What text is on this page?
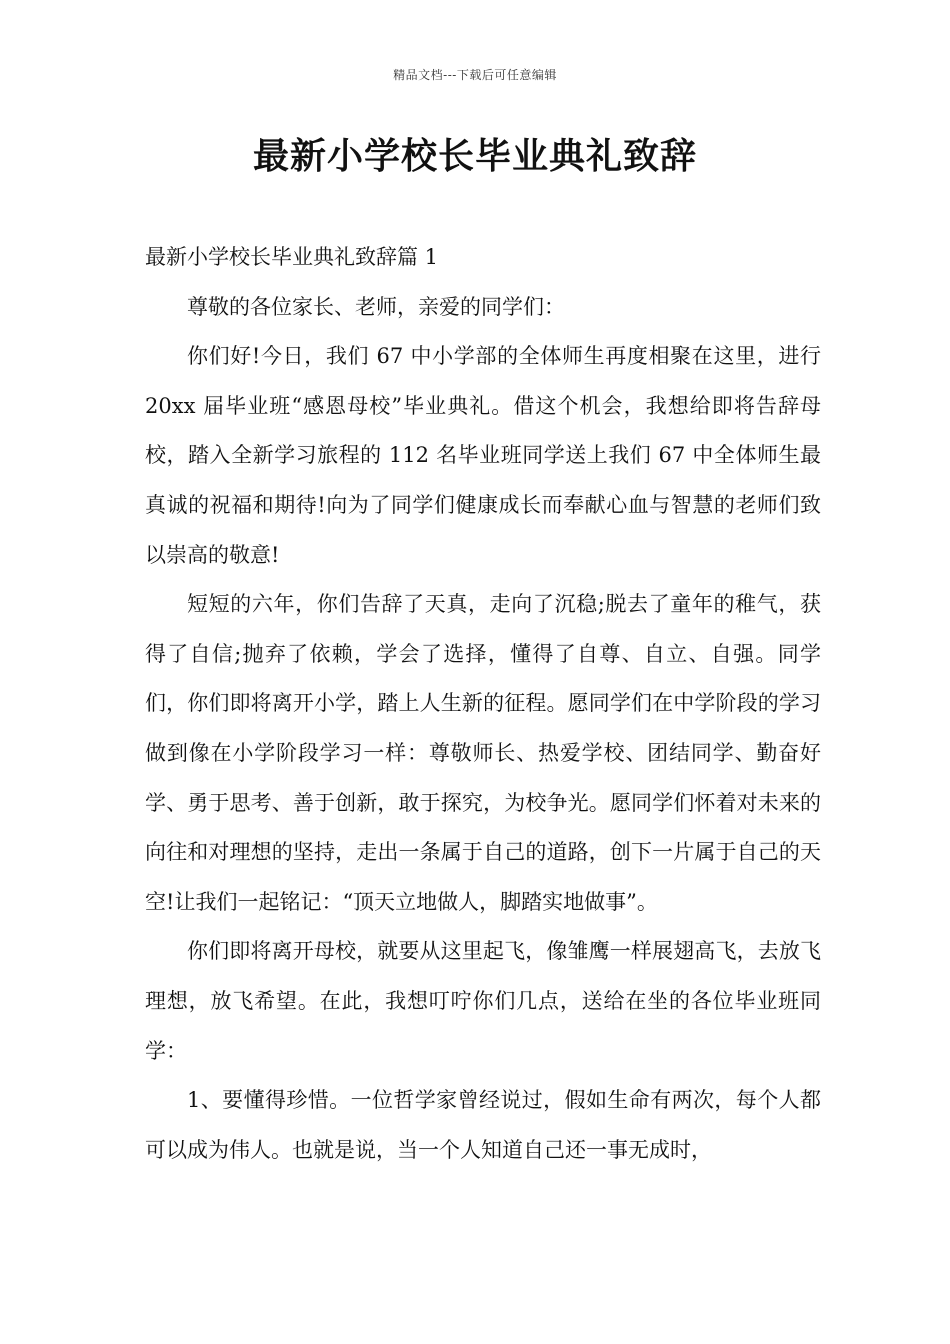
精品文档---下载后可任意编辑
最新小学校长毕业典礼致辞

最新小学校长毕业典礼致辞篇 1

尊敬的各位家长、老师，亲爱的同学们：

你们好!今日，我们 67 中小学部的全体师生再度相聚在这里，进行 20xx 届毕业班“感恩母校”毕业典礼。借这个机会，我想给即将告辞母校，踏入全新学习旅程的 112 名毕业班同学送上我们 67 中全体师生最真诚的祝福和期待!向为了同学们健康成长而奉献心血与智慧的老师们致以崇高的敬意!

短短的六年，你们告辞了天真，走向了沉稳;脱去了童年的稚气，获得了自信;抛弃了依赖，学会了选择，懂得了自尊、自立、自强。同学们，你们即将离开小学，踏上人生新的征程。愿同学们在中学阶段的学习做到像在小学阶段学习一样：尊敬师长、热爱学校、团结同学、勤奋好学、勇于思考、善于创新，敢于探究，为校争光。愿同学们怀着对未来的向往和对理想的坚持，走出一条属于自己的道路，创下一片属于自己的天空!让我们一起铭记：“顶天立地做人，脚踏实地做事”。

你们即将离开母校，就要从这里起飞，像雏鹰一样展翅高飞，去放飞理想，放飞希望。在此，我想叮咛你们几点，送给在坐的各位毕业班同学：

1、要懂得珍惜。一位哲学家曾经说过，假如生命有两次，每个人都可以成为伟人。也就是说，当一个人知道自己还一事无成时，
